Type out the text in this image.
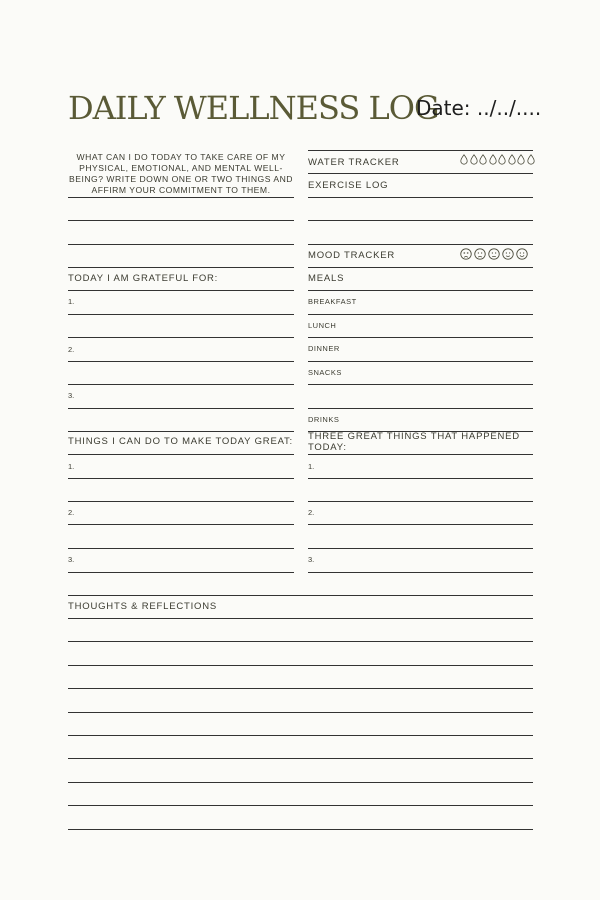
DAILY WELLNESS LOG
Date: ../../....
WHAT CAN I DO TODAY TO TAKE CARE OF MY PHYSICAL, EMOTIONAL, AND MENTAL WELL-BEING? WRITE DOWN ONE OR TWO THINGS AND AFFIRM YOUR COMMITMENT TO THEM.
TODAY I AM GRATEFUL FOR:
1.
2.
3.
THINGS I CAN DO TO MAKE TODAY GREAT:
1.
2.
3.
WATER TRACKER
EXERCISE LOG
MOOD TRACKER
MEALS
BREAKFAST
LUNCH
DINNER
SNACKS
DRINKS
THREE GREAT THINGS THAT HAPPENED TODAY:
1.
2.
3.
THOUGHTS & REFLECTIONS
